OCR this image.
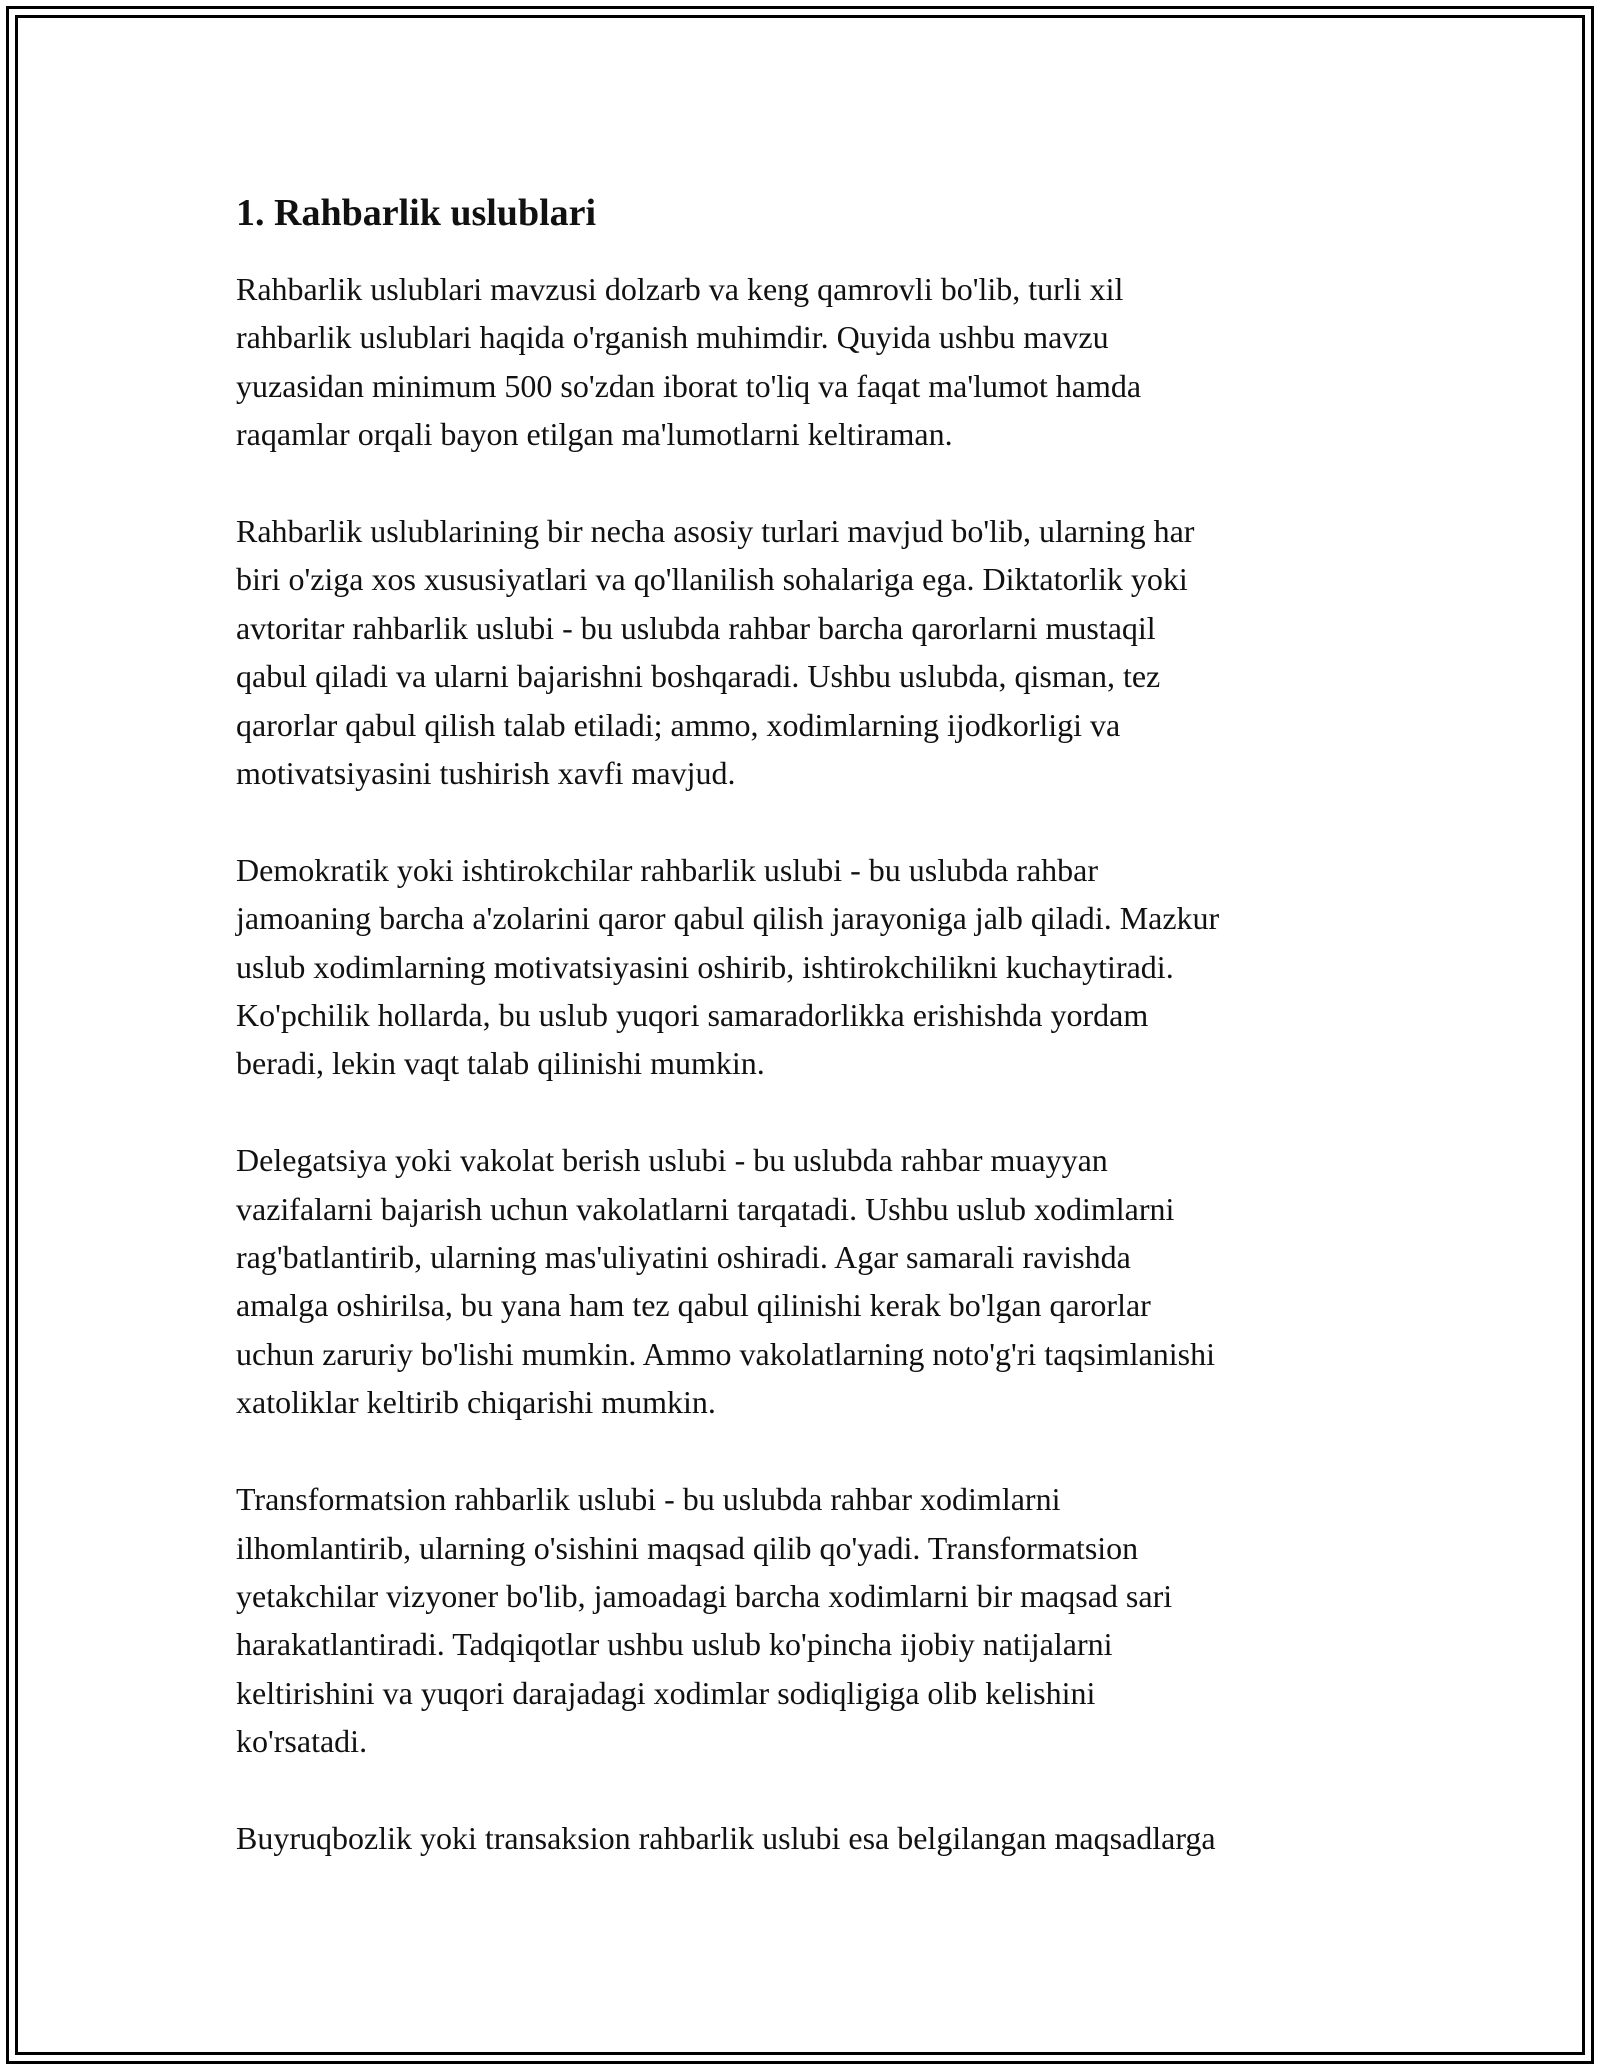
1. Rahbarlik uslublari
Rahbarlik uslublari mavzusi dolzarb va keng qamrovli bo'lib, turli xil
rahbarlik uslublari haqida o'rganish muhimdir. Quyida ushbu mavzu
yuzasidan minimum 500 so'zdan iborat to'liq va faqat ma'lumot hamda
raqamlar orqali bayon etilgan ma'lumotlarni keltiraman.
Rahbarlik uslublarining bir necha asosiy turlari mavjud bo'lib, ularning har
biri o'ziga xos xususiyatlari va qo'llanilish sohalariga ega. Diktatorlik yoki
avtoritar rahbarlik uslubi - bu uslubda rahbar barcha qarorlarni mustaqil
qabul qiladi va ularni bajarishni boshqaradi. Ushbu uslubda, qisman, tez
qarorlar qabul qilish talab etiladi; ammo, xodimlarning ijodkorligi va
motivatsiyasini tushirish xavfi mavjud.
Demokratik yoki ishtirokchilar rahbarlik uslubi - bu uslubda rahbar
jamoaning barcha a'zolarini qaror qabul qilish jarayoniga jalb qiladi. Mazkur
uslub xodimlarning motivatsiyasini oshirib, ishtirokchilikni kuchaytiradi.
Ko'pchilik hollarda, bu uslub yuqori samaradorlikka erishishda yordam
beradi, lekin vaqt talab qilinishi mumkin.
Delegatsiya yoki vakolat berish uslubi - bu uslubda rahbar muayyan
vazifalarni bajarish uchun vakolatlarni tarqatadi. Ushbu uslub xodimlarni
rag'batlantirib, ularning mas'uliyatini oshiradi. Agar samarali ravishda
amalga oshirilsa, bu yana ham tez qabul qilinishi kerak bo'lgan qarorlar
uchun zaruriy bo'lishi mumkin. Ammo vakolatlarning noto'g'ri taqsimlanishi
xatoliklar keltirib chiqarishi mumkin.
Transformatsion rahbarlik uslubi - bu uslubda rahbar xodimlarni
ilhomlantirib, ularning o'sishini maqsad qilib qo'yadi. Transformatsion
yetakchilar vizyoner bo'lib, jamoadagi barcha xodimlarni bir maqsad sari
harakatlantiradi. Tadqiqotlar ushbu uslub ko'pincha ijobiy natijalarni
keltirishini va yuqori darajadagi xodimlar sodiqligiga olib kelishini
ko'rsatadi.
Buyruqbozlik yoki transaksion rahbarlik uslubi esa belgilangan maqsadlarga
